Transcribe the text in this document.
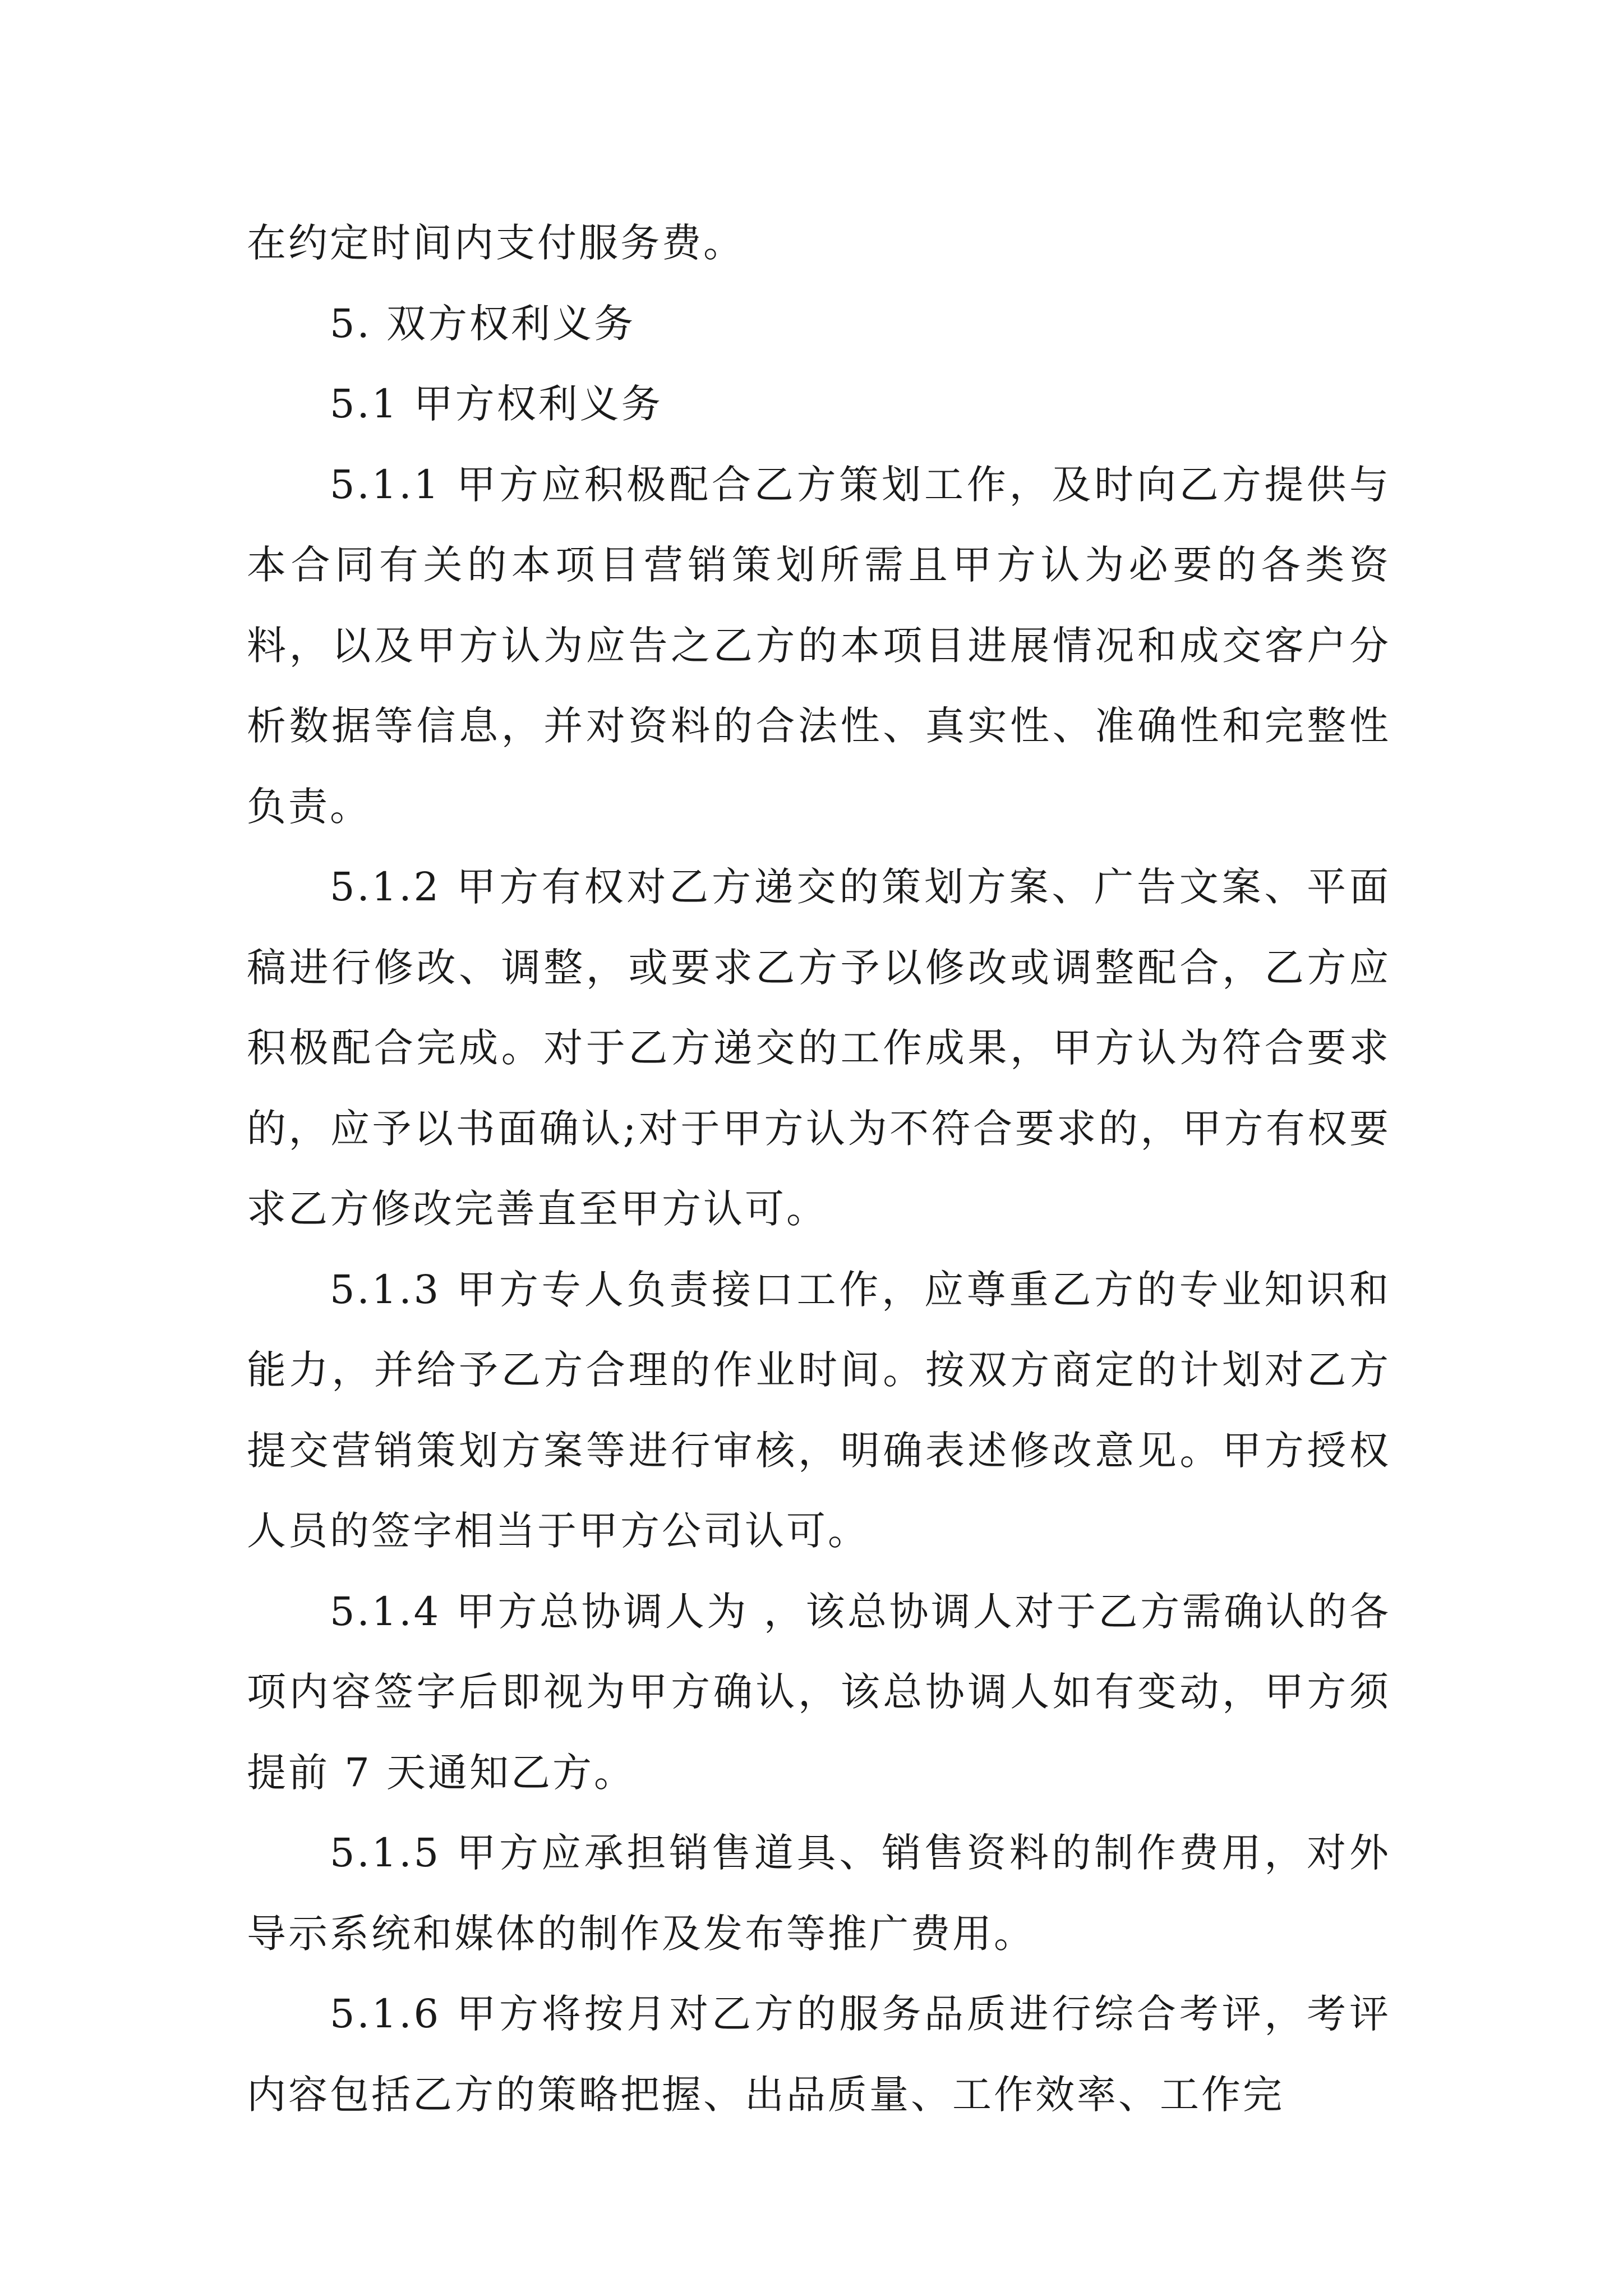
在约定时间内支付服务费。

5. 双方权利义务

5.1 甲方权利义务

5.1.1 甲方应积极配合乙方策划工作，及时向乙方提供与本合同有关的本项目营销策划所需且甲方认为必要的各类资料，以及甲方认为应告之乙方的本项目进展情况和成交客户分析数据等信息，并对资料的合法性、真实性、准确性和完整性负责。

5.1.2 甲方有权对乙方递交的策划方案、广告文案、平面稿进行修改、调整，或要求乙方予以修改或调整配合，乙方应积极配合完成。对于乙方递交的工作成果，甲方认为符合要求的，应予以书面确认;对于甲方认为不符合要求的，甲方有权要求乙方修改完善直至甲方认可。

5.1.3 甲方专人负责接口工作，应尊重乙方的专业知识和能力，并给予乙方合理的作业时间。按双方商定的计划对乙方提交营销策划方案等进行审核，明确表述修改意见。甲方授权人员的签字相当于甲方公司认可。

5.1.4 甲方总协调人为 ，该总协调人对于乙方需确认的各项内容签字后即视为甲方确认，该总协调人如有变动，甲方须提前 7 天通知乙方。

5.1.5 甲方应承担销售道具、销售资料的制作费用，对外导示系统和媒体的制作及发布等推广费用。

5.1.6 甲方将按月对乙方的服务品质进行综合考评，考评内容包括乙方的策略把握、出品质量、工作效率、工作完
